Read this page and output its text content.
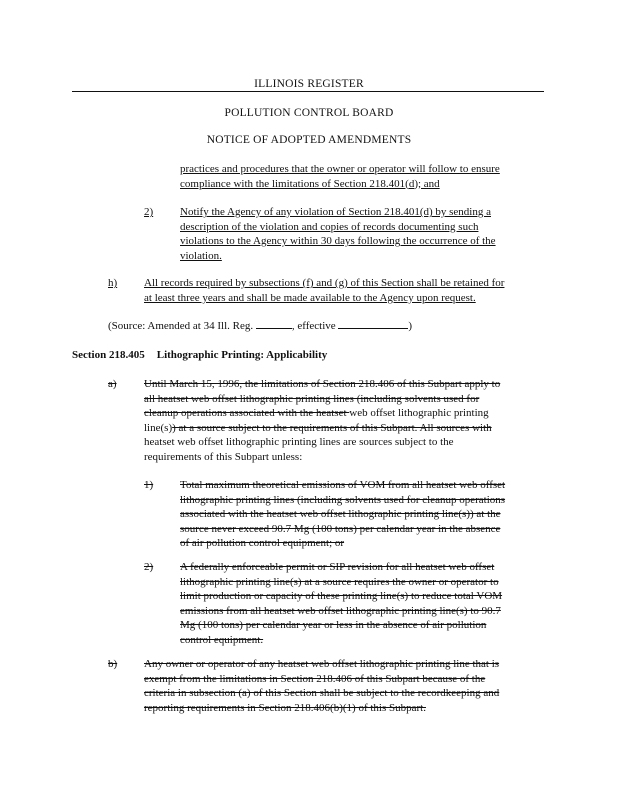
ILLINOIS REGISTER
POLLUTION CONTROL BOARD
NOTICE OF ADOPTED AMENDMENTS
practices and procedures that the owner or operator will follow to ensure
compliance with the limitations of Section 218.401(d); and
2) Notify the Agency of any violation of Section 218.401(d) by sending a
description of the violation and copies of records documenting such
violations to the Agency within 30 days following the occurrence of the
violation.
h) All records required by subsections (f) and (g) of this Section shall be retained for
at least three years and shall be made available to the Agency upon request.
(Source: Amended at 34 Ill. Reg.	, effective	)
Section 218.405 Lithographic Printing: Applicability
a) Until March 15, 1996, the limitations of Section 218.406 of this Subpart apply to
all heatset web offset lithographic printing lines (including solvents used for
cleanup operations associated with the heatset web offset lithographic printing
line(s)) at a source subject to the requirements of this Subpart. All sources with
heatset web offset lithographic printing lines are sources subject to the
requirements of this Subpart unless:
1) Total maximum theoretical emissions of VOM from all heatset web offset
lithographic printing lines (including solvents used for cleanup operations
associated with the heatset web offset lithographic printing line(s)) at the
source never exceed 90.7 Mg (100 tons) per calendar year in the absence
of air pollution control equipment; or
2) A federally enforceable permit or SIP revision for all heatset web offset
lithographic printing line(s) at a source requires the owner or operator to
limit production or capacity of these printing line(s) to reduce total VOM
emissions from all heatset web offset lithographic printing line(s) to 90.7
Mg (100 tons) per calendar year or less in the absence of air pollution
control equipment.
b) Any owner or operator of any heatset web offset lithographic printing line that is
exempt from the limitations in Section 218.406 of this Subpart because of the
criteria in subsection (a) of this Section shall be subject to the recordkeeping and
reporting requirements in Section 218.406(b)(1) of this Subpart.
